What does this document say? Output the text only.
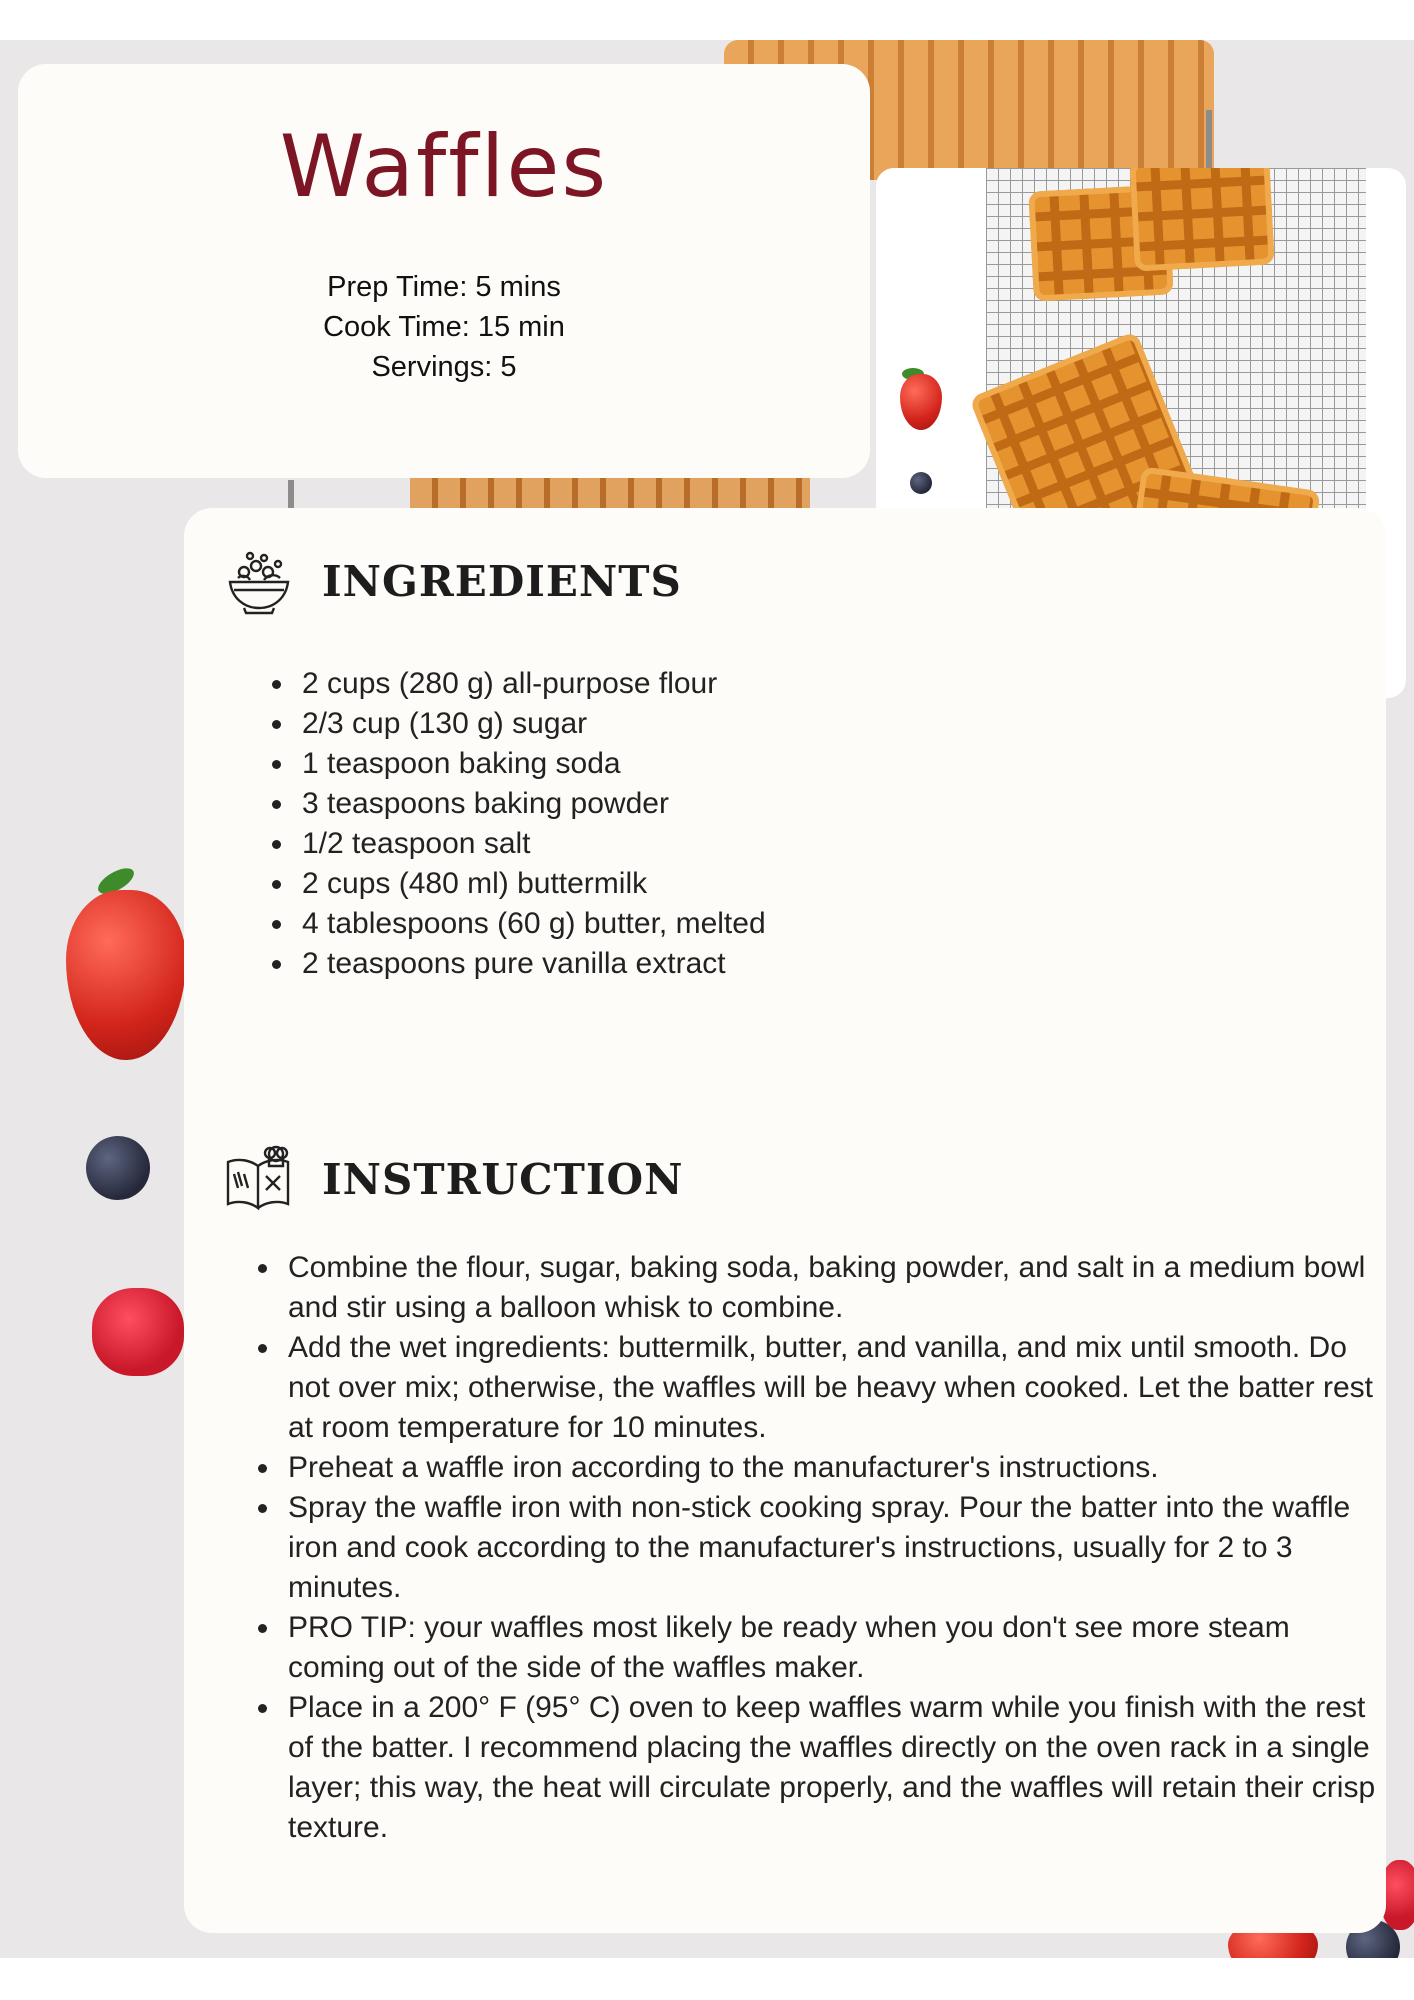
Waffles
Prep Time: 5 mins
Cook Time: 15 min
Servings: 5
INGREDIENTS
• 2 cups (280 g) all-purpose flour
• 2/3 cup (130 g) sugar
• 1 teaspoon baking soda
• 3 teaspoons baking powder
• 1/2 teaspoon salt
• 2 cups (480 ml) buttermilk
• 4 tablespoons (60 g) butter, melted
• 2 teaspoons pure vanilla extract
INSTRUCTION
• Combine the flour, sugar, baking soda, baking powder, and salt in a medium bowl and stir using a balloon whisk to combine.
• Add the wet ingredients: buttermilk, butter, and vanilla, and mix until smooth. Do not over mix; otherwise, the waffles will be heavy when cooked. Let the batter rest at room temperature for 10 minutes.
• Preheat a waffle iron according to the manufacturer's instructions.
• Spray the waffle iron with non-stick cooking spray. Pour the batter into the waffle iron and cook according to the manufacturer's instructions, usually for 2 to 3 minutes.
• PRO TIP: your waffles most likely be ready when you don't see more steam coming out of the side of the waffles maker.
• Place in a 200° F (95° C) oven to keep waffles warm while you finish with the rest of the batter. I recommend placing the waffles directly on the oven rack in a single layer; this way, the heat will circulate properly, and the waffles will retain their crisp texture.
